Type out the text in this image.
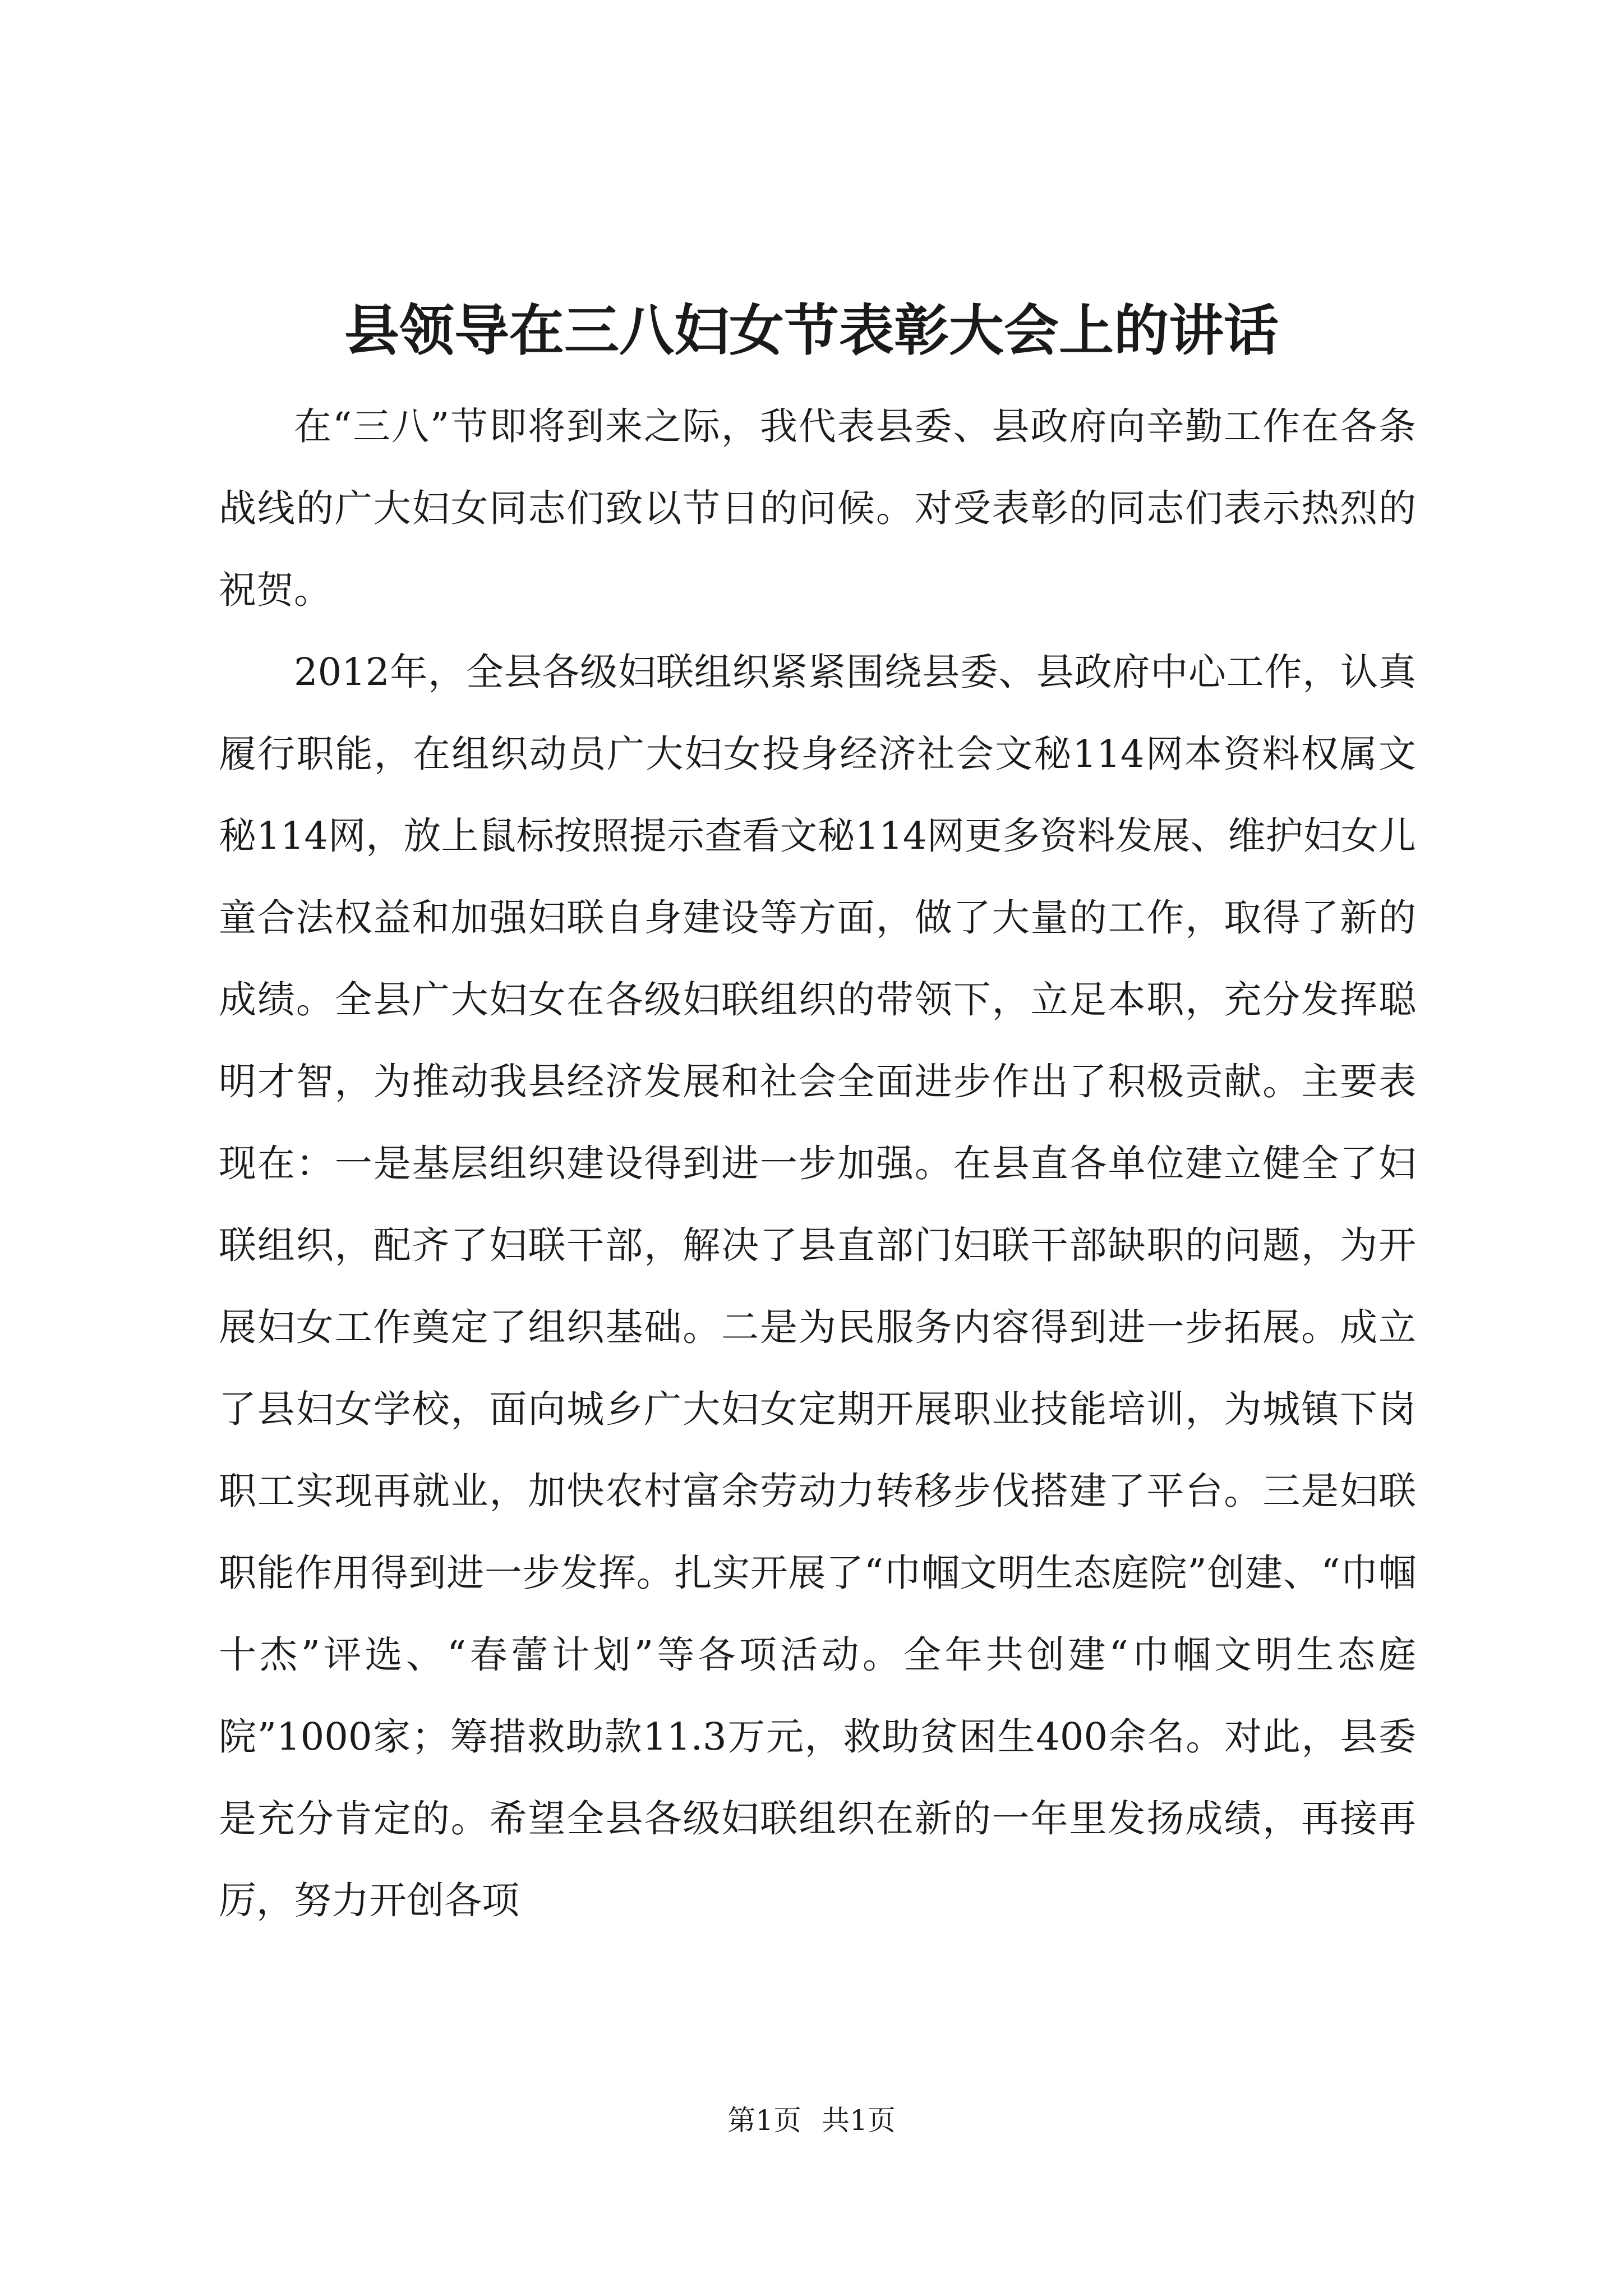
县领导在三八妇女节表彰大会上的讲话

在“三八”节即将到来之际，我代表县委、县政府向辛勤工作在各条战线的广大妇女同志们致以节日的问候。对受表彰的同志们表示热烈的祝贺。

2012年，全县各级妇联组织紧紧围绕县委、县政府中心工作，认真履行职能，在组织动员广大妇女投身经济社会文秘114网本资料权属文秘114网，放上鼠标按照提示查看文秘114网更多资料发展、维护妇女儿童合法权益和加强妇联自身建设等方面，做了大量的工作，取得了新的成绩。全县广大妇女在各级妇联组织的带领下，立足本职，充分发挥聪明才智，为推动我县经济发展和社会全面进步作出了积极贡献。主要表现在：一是基层组织建设得到进一步加强。在县直各单位建立健全了妇联组织，配齐了妇联干部，解决了县直部门妇联干部缺职的问题，为开展妇女工作奠定了组织基础。二是为民服务内容得到进一步拓展。成立了县妇女学校，面向城乡广大妇女定期开展职业技能培训，为城镇下岗职工实现再就业，加快农村富余劳动力转移步伐搭建了平台。三是妇联职能作用得到进一步发挥。扎实开展了“巾帼文明生态庭院”创建、“巾帼十杰”评选、“春蕾计划”等各项活动。全年共创建“巾帼文明生态庭院”1000家；筹措救助款11.3万元，救助贫困生400余名。对此，县委是充分肯定的。希望全县各级妇联组织在新的一年里发扬成绩，再接再厉，努力开创各项

第1页 共1页
